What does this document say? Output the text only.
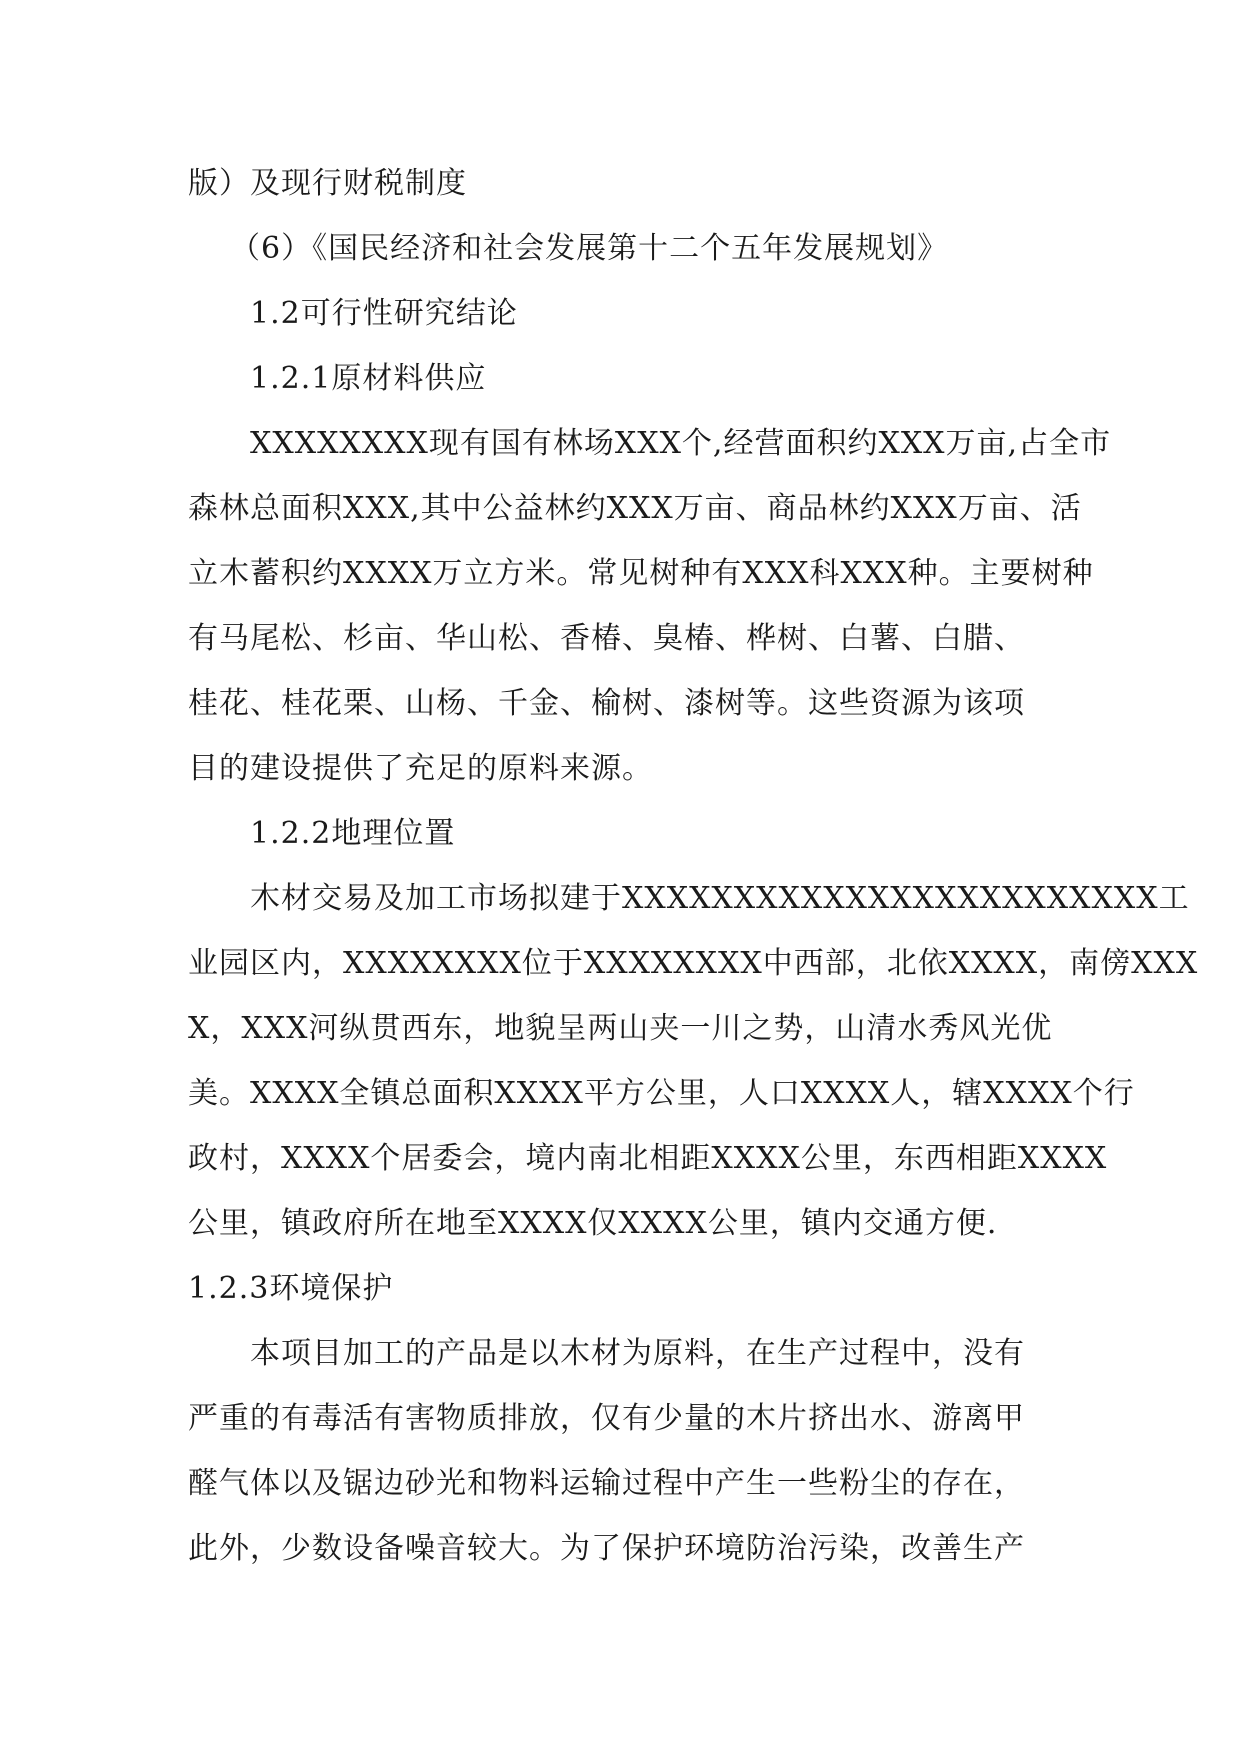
版）及现行财税制度
（6）《国民经济和社会发展第十二个五年发展规划》
1.2可行性研究结论
1.2.1原材料供应
XXXXXXXX现有国有林场XXX个,经营面积约XXX万亩,占全市
森林总面积XXX,其中公益林约XXX万亩、商品林约XXX万亩、活
立木蓄积约XXXX万立方米。常见树种有XXX科XXX种。主要树种
有马尾松、杉亩、华山松、香椿、臭椿、桦树、白薯、白腊、
桂花、桂花栗、山杨、千金、榆树、漆树等。这些资源为该项
目的建设提供了充足的原料来源。
1.2.2地理位置
木材交易及加工市场拟建于XXXXXXXXXXXXXXXXXXXXXXXX工
业园区内，XXXXXXXX位于XXXXXXXX中西部，北依XXXX，南傍XXX
X，XXX河纵贯西东，地貌呈两山夹一川之势，山清水秀风光优
美。XXXX全镇总面积XXXX平方公里，人口XXXX人，辖XXXX个行
政村，XXXX个居委会，境内南北相距XXXX公里，东西相距XXXX
公里，镇政府所在地至XXXX仅XXXX公里，镇内交通方便.
1.2.3环境保护
本项目加工的产品是以木材为原料，在生产过程中，没有
严重的有毒活有害物质排放，仅有少量的木片挤出水、游离甲
醛气体以及锯边砂光和物料运输过程中产生一些粉尘的存在，
此外，少数设备噪音较大。为了保护环境防治污染，改善生产
